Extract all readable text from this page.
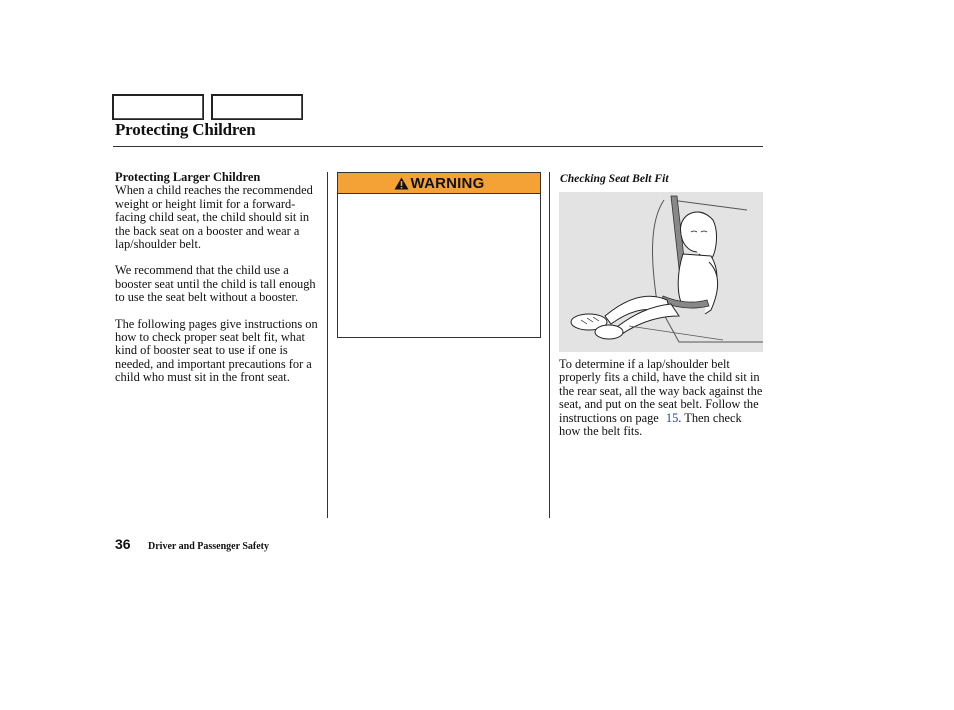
Protecting Children
Protecting Larger Children

When a child reaches the recommended weight or height limit for a forward-facing child seat, the child should sit in the back seat on a booster and wear a lap/shoulder belt.

We recommend that the child use a booster seat until the child is tall enough to use the seat belt without a booster.

The following pages give instructions on how to check proper seat belt fit, what kind of booster seat to use if one is needed, and important precautions for a child who must sit in the front seat.

WARNING	Checking Seat Belt Fit

To determine if a lap/shoulder belt properly fits a child, have the child sit in the rear seat, all the way back against the seat, and put on the seat belt. Follow the instructions on page 15. Then check how the belt fits.

36 Driver and Passenger Safety
